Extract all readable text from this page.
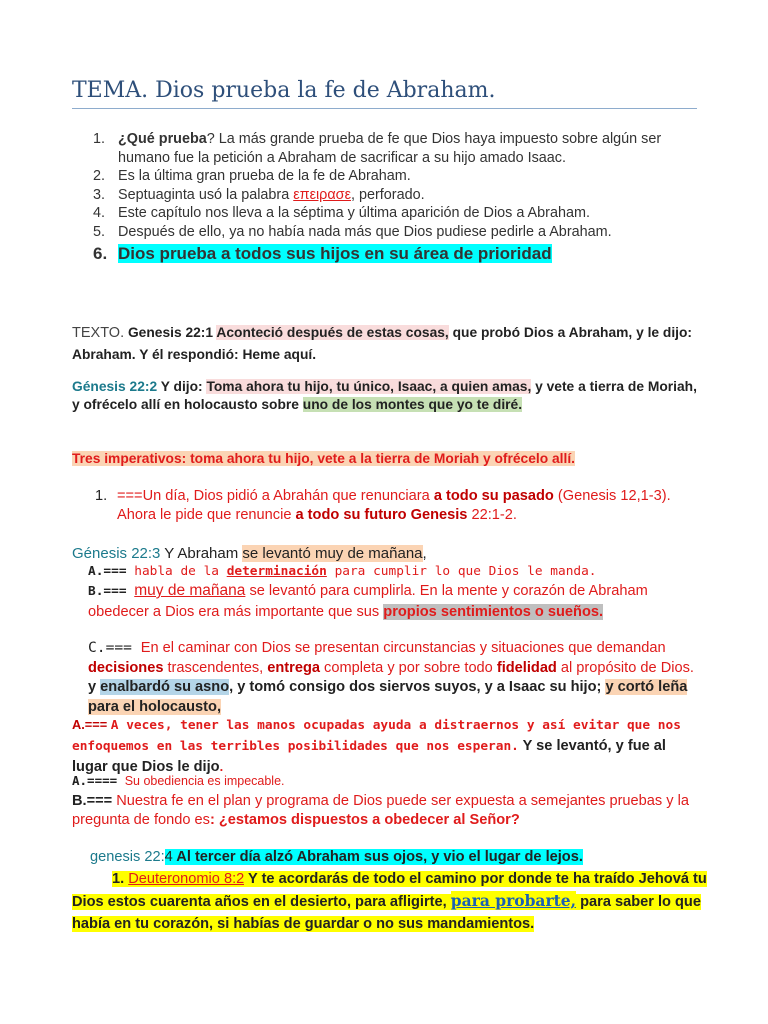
TEMA. Dios prueba la fe de Abraham.
1. ¿Qué prueba? La más grande prueba de fe que Dios haya impuesto sobre algún ser humano fue la petición a Abraham de sacrificar a su hijo amado Isaac.
2. Es la última gran prueba de la fe de Abraham.
3. Septuaginta usó la palabra επειρασε, perforado.
4. Este capítulo nos lleva a la séptima y última aparición de Dios a Abraham.
5. Después de ello, ya no había nada más que Dios pudiese pedirle a Abraham.
6. Dios prueba a todos sus hijos en su área de prioridad
TEXTO. Genesis 22:1 Aconteció después de estas cosas, que probó Dios a Abraham, y le dijo: Abraham. Y él respondió: Heme aquí.
Génesis 22:2 Y dijo: Toma ahora tu hijo, tu único, Isaac, a quien amas, y vete a tierra de Moriah, y ofrécelo allí en holocausto sobre uno de los montes que yo te diré.
Tres imperativos: toma ahora tu hijo, vete a la tierra de Moriah y ofrécelo allí.
1. ===Un día, Dios pidió a Abrahán que renunciara a todo su pasado (Genesis 12,1-3). Ahora le pide que renuncie a todo su futuro Genesis 22:1-2.
Génesis 22:3 Y Abraham se levantó muy de mañana,
A.=== habla de la determinación para cumplir lo que Dios le manda.
B.=== muy de mañana se levantó para cumplirla. En la mente y corazón de Abraham obedecer a Dios era más importante que sus propios sentimientos o sueños.
C.=== En el caminar con Dios se presentan circunstancias y situaciones que demandan decisiones trascendentes, entrega completa y por sobre todo fidelidad al propósito de Dios. y enalbardó su asno, y tomó consigo dos siervos suyos, y a Isaac su hijo; y cortó leña para el holocausto,
A.=== A veces, tener las manos ocupadas ayuda a distraernos y así evitar que nos enfoquemos en las terribles posibilidades que nos esperan. Y se levantó, y fue al lugar que Dios le dijo.
A.==== Su obediencia es impecable.
B.=== Nuestra fe en el plan y programa de Dios puede ser expuesta a semejantes pruebas y la pregunta de fondo es: ¿estamos dispuestos a obedecer al Señor?
genesis 22:4 Al tercer día alzó Abraham sus ojos, y vio el lugar de lejos.
1. Deuteronomio 8:2 Y te acordarás de todo el camino por donde te ha traído Jehová tu Dios estos cuarenta años en el desierto, para afligirte, para probarte, para saber lo que había en tu corazón, si habías de guardar o no sus mandamientos.
